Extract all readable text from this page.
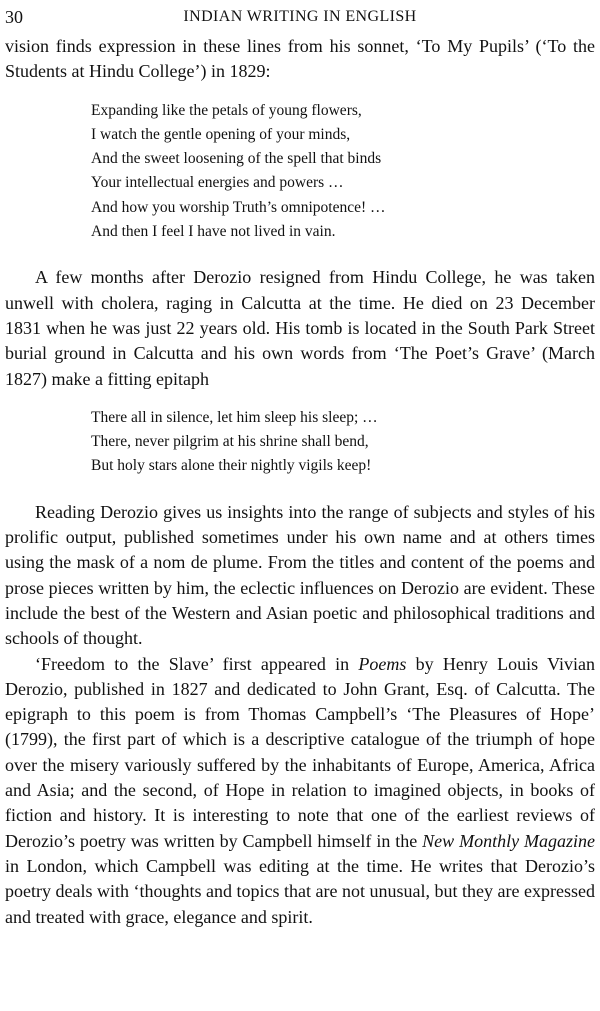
30	INDIAN WRITING IN ENGLISH

vision finds expression in these lines from his sonnet, ‘To My Pupils’ (‘To the Students at Hindu College’) in 1829:

Expanding like the petals of young flowers,
I watch the gentle opening of your minds,
And the sweet loosening of the spell that binds
Your intellectual energies and powers …
And how you worship Truth’s omnipotence! …
And then I feel I have not lived in vain.

A few months after Derozio resigned from Hindu College, he was taken unwell with cholera, raging in Calcutta at the time. He died on 23 December 1831 when he was just 22 years old. His tomb is located in the South Park Street burial ground in Calcutta and his own words from ‘The Poet’s Grave’ (March 1827) make a fitting epitaph

There all in silence, let him sleep his sleep; …
There, never pilgrim at his shrine shall bend,
But holy stars alone their nightly vigils keep!

Reading Derozio gives us insights into the range of subjects and styles of his prolific output, published sometimes under his own name and at others times using the mask of a nom de plume. From the titles and content of the poems and prose pieces written by him, the eclectic influences on Derozio are evident. These include the best of the Western and Asian poetic and philosophical traditions and schools of thought.

‘Freedom to the Slave’ first appeared in Poems by Henry Louis Vivian Derozio, published in 1827 and dedicated to John Grant, Esq. of Calcutta. The epigraph to this poem is from Thomas Campbell’s ‘The Pleasures of Hope’ (1799), the first part of which is a descriptive catalogue of the triumph of hope over the misery variously suffered by the inhabitants of Europe, America, Africa and Asia; and the second, of Hope in relation to imagined objects, in books of fiction and history. It is interesting to note that one of the earliest reviews of Derozio’s poetry was written by Campbell himself in the New Monthly Magazine in London, which Campbell was editing at the time. He writes that Derozio’s poetry deals with ‘thoughts and topics that are not unusual, but they are expressed and treated with grace, elegance and spirit.
